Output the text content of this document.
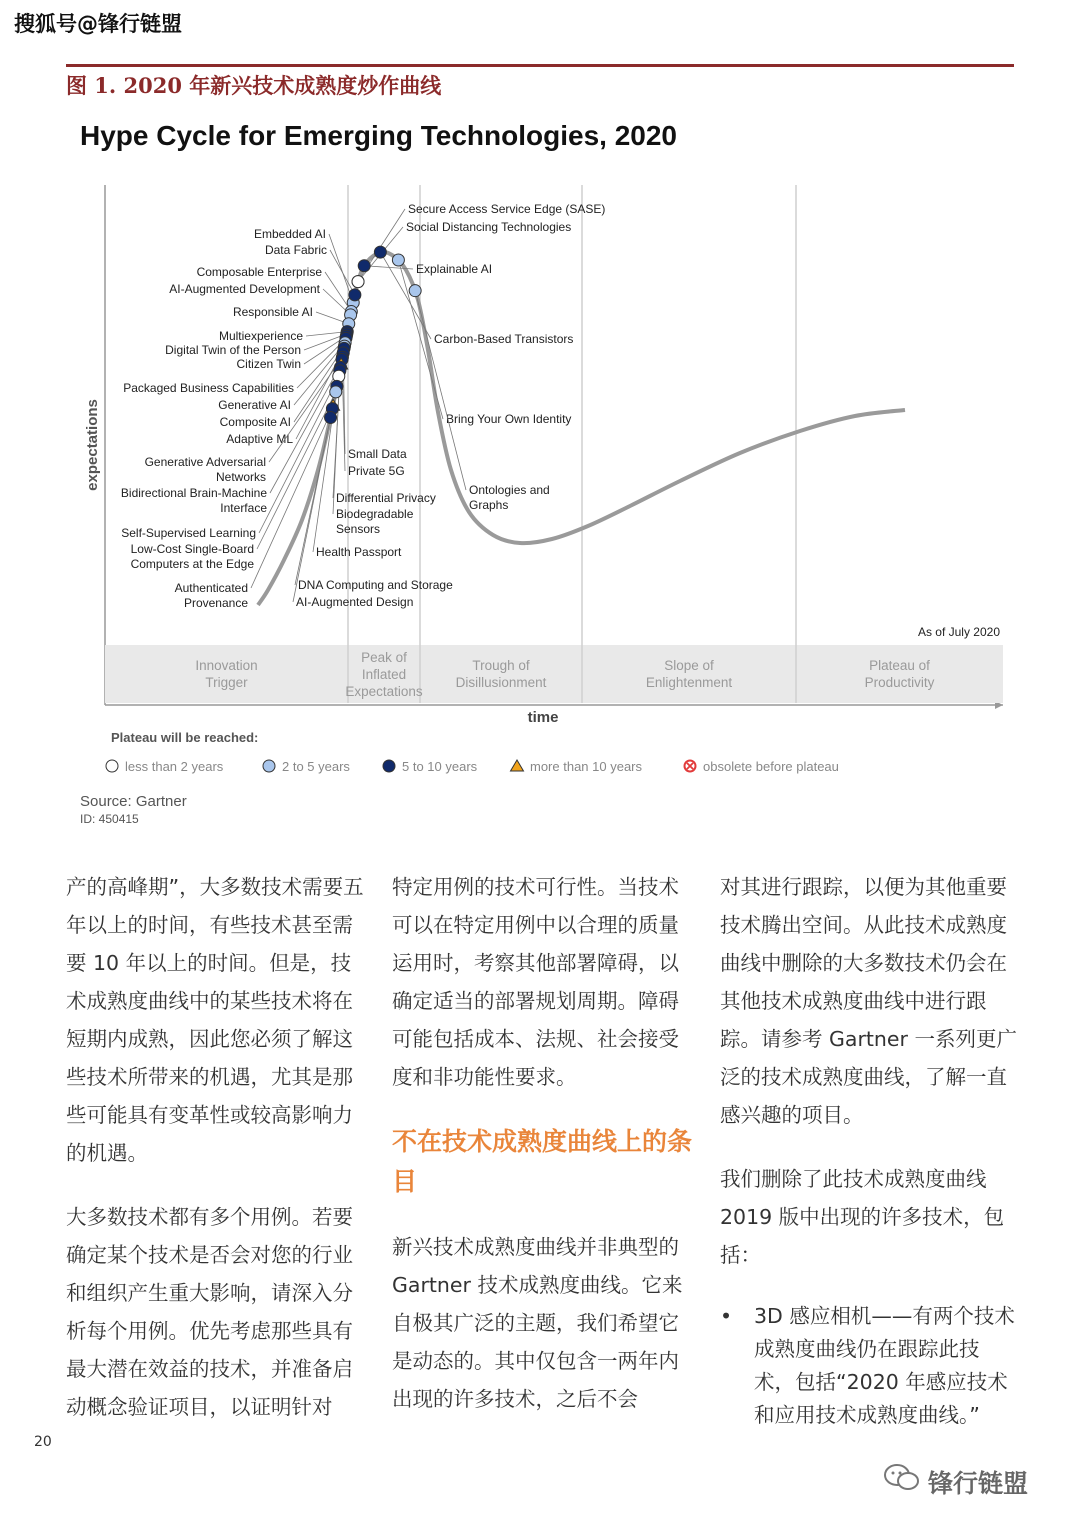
搜狐号@锋行链盟
图 1. 2020 年新兴技术成熟度炒作曲线
Hype Cycle for Emerging Technologies, 2020
Innovation Trigger
Peak of Inflated Expectations
Trough of Disillusionment
Slope of Enlightenment
Plateau of Productivity
As of July 2020
time
expectations
Secure Access Service Edge (SASE)
Social Distancing Technologies
Embedded AI
Data Fabric
Explainable AI
Composable Enterprise
AI-Augmented Development
Responsible AI
Carbon-Based Transistors
Multiexperience
Digital Twin of the Person
Citizen Twin
Packaged Business Capabilities
Generative AI
Composite AI
Adaptive ML
Bring Your Own Identity
Small Data
Generative Adversarial Networks	Private 5G
Bidirectional Brain-Machine Interface
Differential Privacy
Biodegradable Sensors
Ontologies and Graphs
Self-Supervised Learning
Health Passport
Low-Cost Single-Board Computers at the Edge
DNA Computing and Storage
Authenticated Provenance	AI-Augmented Design
Plateau will be reached:
less than 2 years	2 to 5 years	5 to 10 years	more than 10 years	obsolete before plateau
Source: Gartner
ID: 450415

产的高峰期”，大多数技术需要五年以上的时间，有些技术甚至需要 10 年以上的时间。但是，技术成熟度曲线中的某些技术将在短期内成熟，因此您必须了解这些技术所带来的机遇，尤其是那些可能具有变革性或较高影响力的机遇。

大多数技术都有多个用例。若要确定某个技术是否会对您的行业和组织产生重大影响，请深入分析每个用例。优先考虑那些具有最大潜在效益的技术，并准备启动概念验证项目，以证明针对

特定用例的技术可行性。当技术可以在特定用例中以合理的质量运用时，考察其他部署障碍，以确定适当的部署规划周期。障碍可能包括成本、法规、社会接受度和非功能性要求。

不在技术成熟度曲线上的条目

新兴技术成熟度曲线并非典型的 Gartner 技术成熟度曲线。它来自极其广泛的主题，我们希望它是动态的。其中仅包含一两年内出现的许多技术，之后不会

对其进行跟踪，以便为其他重要技术腾出空间。从此技术成熟度曲线中删除的大多数技术仍会在其他技术成熟度曲线中进行跟踪。请参考 Gartner 一系列更广泛的技术成熟度曲线，了解一直感兴趣的项目。

我们删除了此技术成熟度曲线 2019 版中出现的许多技术，包括：

• 3D 感应相机——有两个技术成熟度曲线仍在跟踪此技术，包括“2020 年感应技术和应用技术成熟度曲线。”
20
锋行链盟
